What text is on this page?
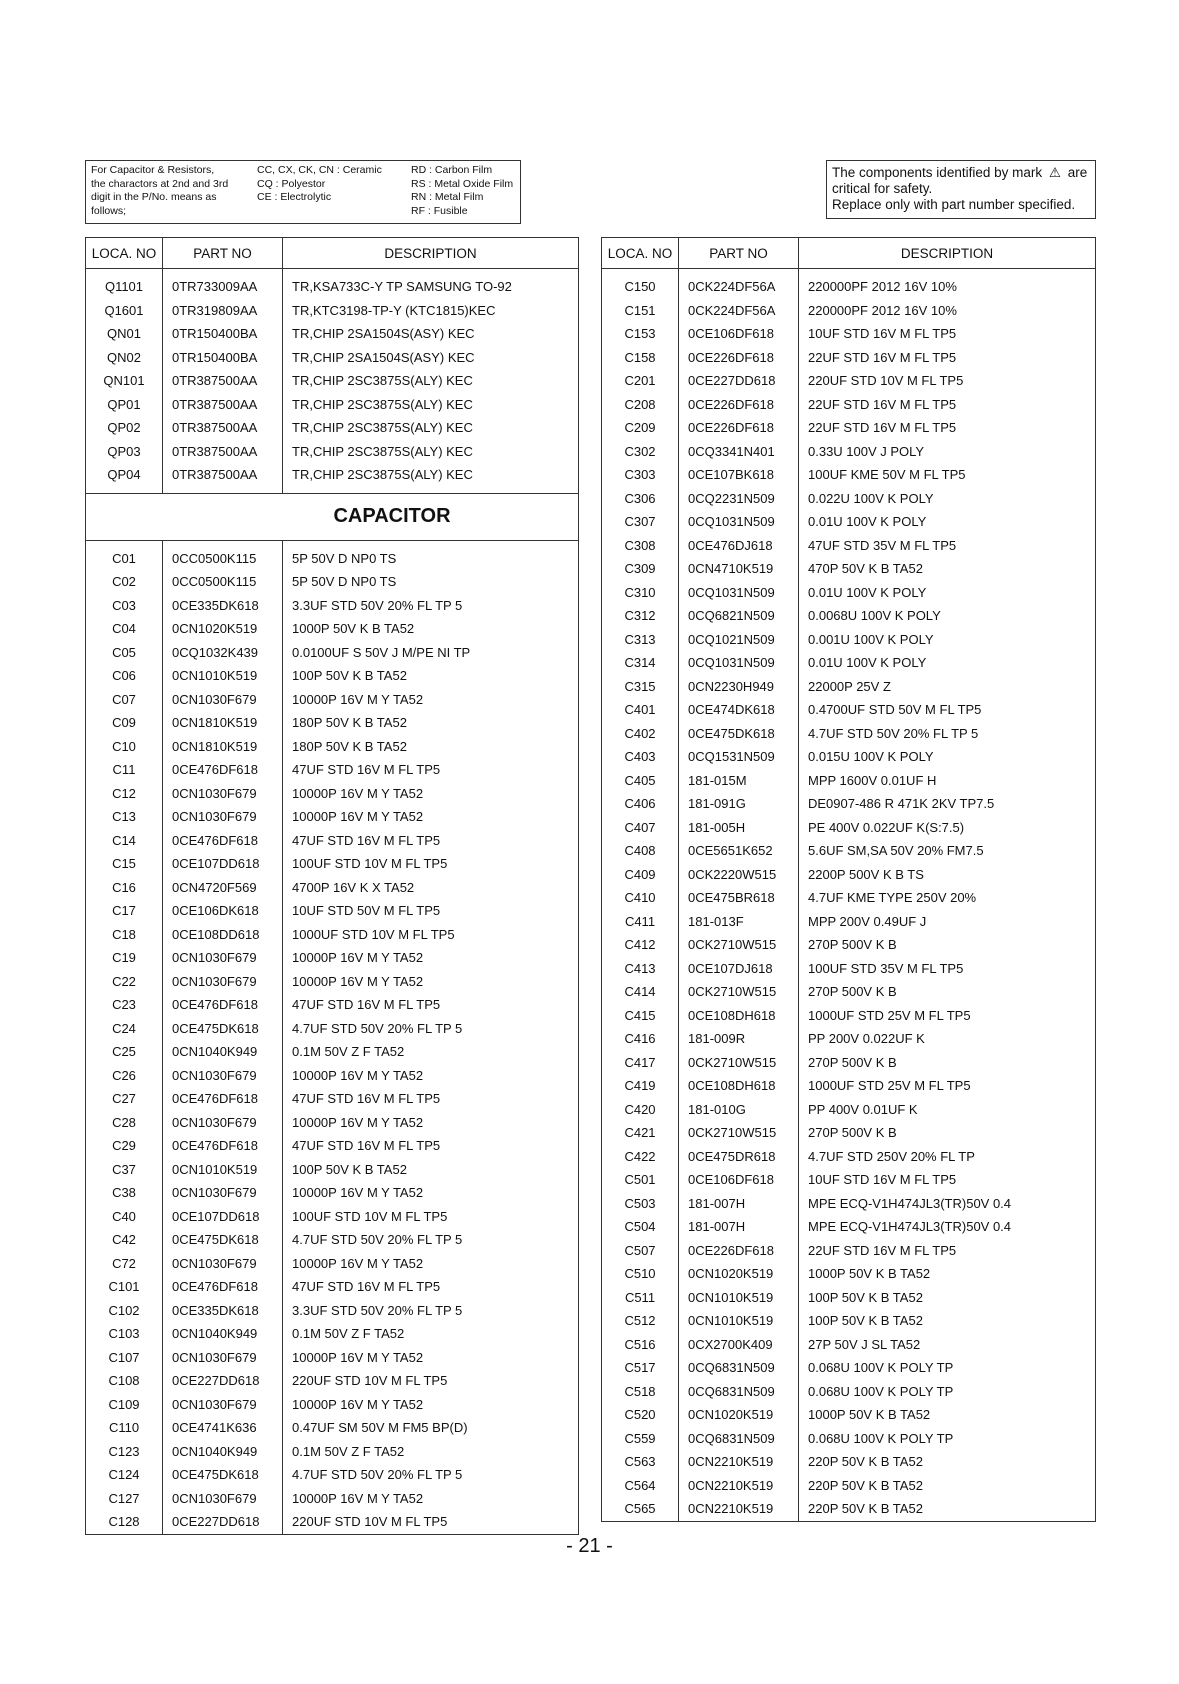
For Capacitor & Resistors,
the charactors at 2nd and 3rd
digit in the P/No. means as
follows;
CC, CX, CK, CN : Ceramic
CQ : Polyestor
CE : Electrolytic
RD : Carbon Film
RS : Metal Oxide Film
RN : Metal Film
RF : Fusible
The components identified by mark ⚠ are critical for safety.
Replace only with part number specified.
LOCA. NO	PART NO	DESCRIPTION

Q1101	0TR733009AA	TR,KSA733C-Y TP SAMSUNG TO-92
Q1601	0TR319809AA	TR,KTC3198-TP-Y (KTC1815)KEC
QN01	0TR150400BA	TR,CHIP 2SA1504S(ASY) KEC
QN02	0TR150400BA	TR,CHIP 2SA1504S(ASY) KEC
QN101	0TR387500AA	TR,CHIP 2SC3875S(ALY) KEC
QP01	0TR387500AA	TR,CHIP 2SC3875S(ALY) KEC
QP02	0TR387500AA	TR,CHIP 2SC3875S(ALY) KEC
QP03	0TR387500AA	TR,CHIP 2SC3875S(ALY) KEC
QP04	0TR387500AA	TR,CHIP 2SC3875S(ALY) KEC

CAPACITOR		

C01	0CC0500K115	5P 50V D NP0 TS
C02	0CC0500K115	5P 50V D NP0 TS
C03	0CE335DK618	3.3UF STD 50V 20% FL TP 5
C04	0CN1020K519	1000P 50V K B TA52
C05	0CQ1032K439	0.0100UF S 50V J M/PE NI TP
C06	0CN1010K519	100P 50V K B TA52
C07	0CN1030F679	10000P 16V M Y TA52
C09	0CN1810K519	180P 50V K B TA52
C10	0CN1810K519	180P 50V K B TA52
C11	0CE476DF618	47UF STD 16V M FL TP5
C12	0CN1030F679	10000P 16V M Y TA52
C13	0CN1030F679	10000P 16V M Y TA52
C14	0CE476DF618	47UF STD 16V M FL TP5
C15	0CE107DD618	100UF STD 10V M FL TP5
C16	0CN4720F569	4700P 16V K X TA52
C17	0CE106DK618	10UF STD 50V M FL TP5
C18	0CE108DD618	1000UF STD 10V M FL TP5
C19	0CN1030F679	10000P 16V M Y TA52
C22	0CN1030F679	10000P 16V M Y TA52
C23	0CE476DF618	47UF STD 16V M FL TP5
C24	0CE475DK618	4.7UF STD 50V 20% FL TP 5
C25	0CN1040K949	0.1M 50V Z F TA52
C26	0CN1030F679	10000P 16V M Y TA52
C27	0CE476DF618	47UF STD 16V M FL TP5
C28	0CN1030F679	10000P 16V M Y TA52
C29	0CE476DF618	47UF STD 16V M FL TP5
C37	0CN1010K519	100P 50V K B TA52
C38	0CN1030F679	10000P 16V M Y TA52
C40	0CE107DD618	100UF STD 10V M FL TP5
C42	0CE475DK618	4.7UF STD 50V 20% FL TP 5
C72	0CN1030F679	10000P 16V M Y TA52
C101	0CE476DF618	47UF STD 16V M FL TP5
C102	0CE335DK618	3.3UF STD 50V 20% FL TP 5
C103	0CN1040K949	0.1M 50V Z F TA52
C107	0CN1030F679	10000P 16V M Y TA52
C108	0CE227DD618	220UF STD 10V M FL TP5
C109	0CN1030F679	10000P 16V M Y TA52
C110	0CE4741K636	0.47UF SM 50V M FM5 BP(D)
C123	0CN1040K949	0.1M 50V Z F TA52
C124	0CE475DK618	4.7UF STD 50V 20% FL TP 5
C127	0CN1030F679	10000P 16V M Y TA52
C128	0CE227DD618	220UF STD 10V M FL TP5
LOCA. NO	PART NO	DESCRIPTION

C150	0CK224DF56A	220000PF 2012 16V 10%
C151	0CK224DF56A	220000PF 2012 16V 10%
C153	0CE106DF618	10UF STD 16V M FL TP5
C158	0CE226DF618	22UF STD 16V M FL TP5
C201	0CE227DD618	220UF STD 10V M FL TP5
C208	0CE226DF618	22UF STD 16V M FL TP5
C209	0CE226DF618	22UF STD 16V M FL TP5
C302	0CQ3341N401	0.33U 100V J POLY
C303	0CE107BK618	100UF KME 50V M FL TP5
C306	0CQ2231N509	0.022U 100V K POLY
C307	0CQ1031N509	0.01U 100V K POLY
C308	0CE476DJ618	47UF STD 35V M FL TP5
C309	0CN4710K519	470P 50V K B TA52
C310	0CQ1031N509	0.01U 100V K POLY
C312	0CQ6821N509	0.0068U 100V K POLY
C313	0CQ1021N509	0.001U 100V K POLY
C314	0CQ1031N509	0.01U 100V K POLY
C315	0CN2230H949	22000P 25V Z
C401	0CE474DK618	0.4700UF STD 50V M FL TP5
C402	0CE475DK618	4.7UF STD 50V 20% FL TP 5
C403	0CQ1531N509	0.015U 100V K POLY
C405	181-015M	MPP 1600V 0.01UF H
C406	181-091G	DE0907-486 R 471K 2KV TP7.5
C407	181-005H	PE 400V 0.022UF K(S:7.5)
C408	0CE5651K652	5.6UF SM,SA 50V 20% FM7.5
C409	0CK2220W515	2200P 500V K B TS
C410	0CE475BR618	4.7UF KME TYPE 250V 20%
C411	181-013F	MPP 200V 0.49UF J
C412	0CK2710W515	270P 500V K B
C413	0CE107DJ618	100UF STD 35V M FL TP5
C414	0CK2710W515	270P 500V K B
C415	0CE108DH618	1000UF STD 25V M FL TP5
C416	181-009R	PP 200V 0.022UF K
C417	0CK2710W515	270P 500V K B
C419	0CE108DH618	1000UF STD 25V M FL TP5
C420	181-010G	PP 400V 0.01UF K
C421	0CK2710W515	270P 500V K B
C422	0CE475DR618	4.7UF STD 250V 20% FL TP
C501	0CE106DF618	10UF STD 16V M FL TP5
C503	181-007H	MPE ECQ-V1H474JL3(TR)50V 0.4
C504	181-007H	MPE ECQ-V1H474JL3(TR)50V 0.4
C507	0CE226DF618	22UF STD 16V M FL TP5
C510	0CN1020K519	1000P 50V K B TA52
C511	0CN1010K519	100P 50V K B TA52
C512	0CN1010K519	100P 50V K B TA52
C516	0CX2700K409	27P 50V J SL TA52
C517	0CQ6831N509	0.068U 100V K POLY TP
C518	0CQ6831N509	0.068U 100V K POLY TP
C520	0CN1020K519	1000P 50V K B TA52
C559	0CQ6831N509	0.068U 100V K POLY TP
C563	0CN2210K519	220P 50V K B TA52
C564	0CN2210K519	220P 50V K B TA52
C565	0CN2210K519	220P 50V K B TA52
- 21 -
